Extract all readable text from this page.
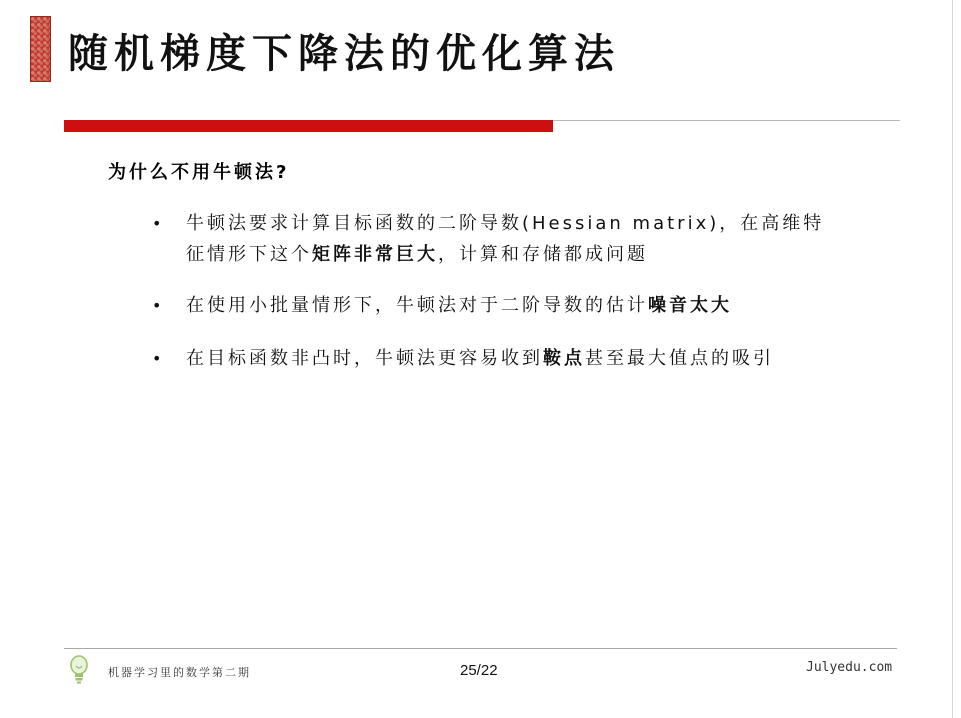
随机梯度下降法的优化算法
为什么不用牛顿法?
• 牛顿法要求计算目标函数的二阶导数(Hessian matrix)，在高维特
征情形下这个矩阵非常巨大，计算和存储都成问题
• 在使用小批量情形下，牛顿法对于二阶导数的估计噪音太大
• 在目标函数非凸时，牛顿法更容易收到鞍点甚至最大值点的吸引
机器学习里的数学第二期	25/22	Julyedu.com
